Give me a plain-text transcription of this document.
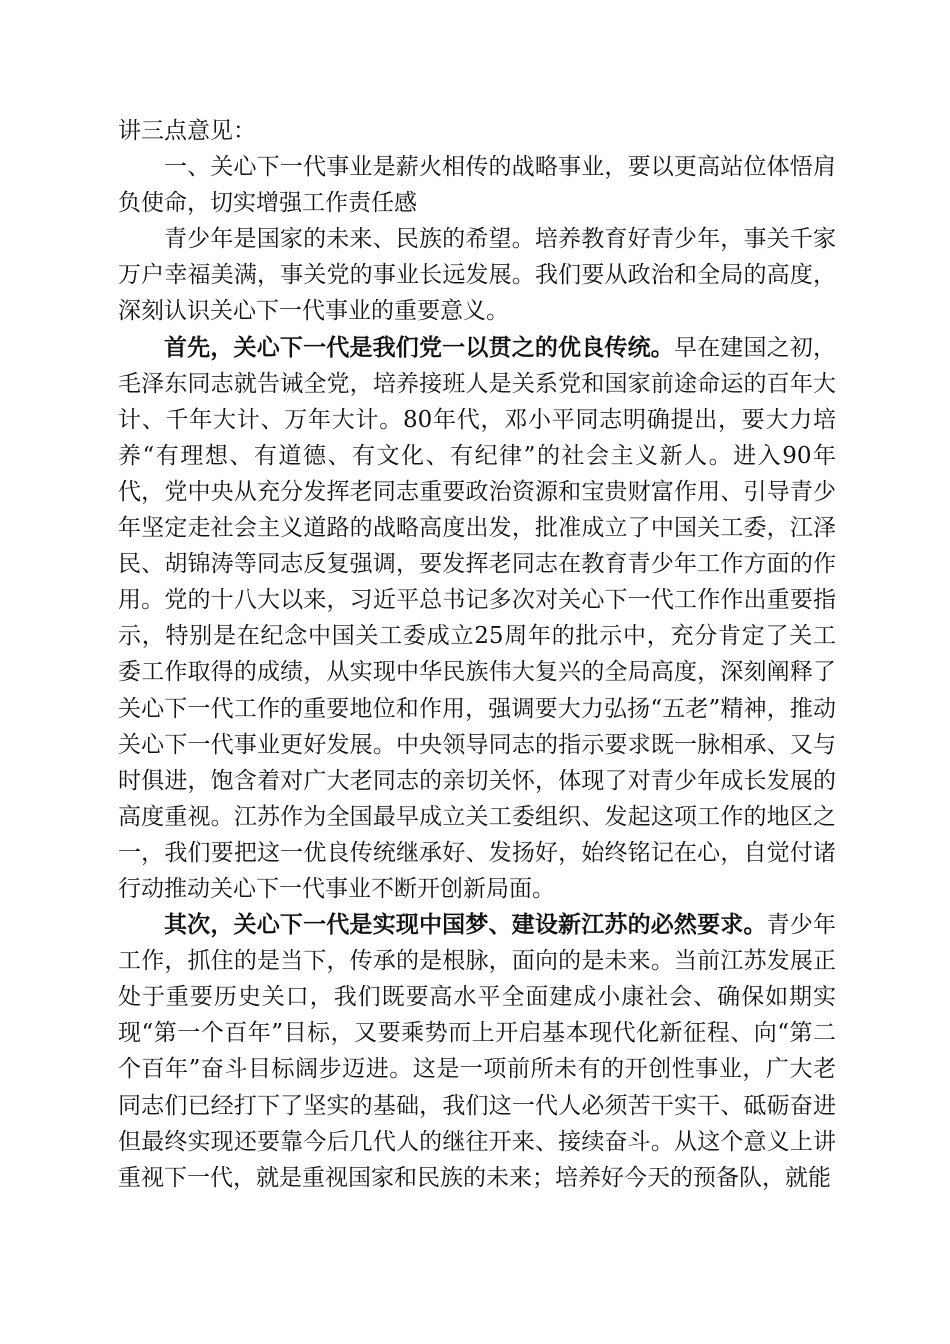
讲三点意见：

一、关心下一代事业是薪火相传的战略事业，要以更高站位体悟肩负使命，切实增强工作责任感

青少年是国家的未来、民族的希望。培养教育好青少年，事关千家万户幸福美满，事关党的事业长远发展。我们要从政治和全局的高度，深刻认识关心下一代事业的重要意义。

首先，关心下一代是我们党一以贯之的优良传统。早在建国之初，毛泽东同志就告诫全党，培养接班人是关系党和国家前途命运的百年大计、千年大计、万年大计。80年代，邓小平同志明确提出，要大力培养“有理想、有道德、有文化、有纪律”的社会主义新人。进入90年代，党中央从充分发挥老同志重要政治资源和宝贵财富作用、引导青少年坚定走社会主义道路的战略高度出发，批准成立了中国关工委，江泽民、胡锦涛等同志反复强调，要发挥老同志在教育青少年工作方面的作用。党的十八大以来，习近平总书记多次对关心下一代工作作出重要指示，特别是在纪念中国关工委成立25周年的批示中，充分肯定了关工委工作取得的成绩，从实现中华民族伟大复兴的全局高度，深刻阐释了关心下一代工作的重要地位和作用，强调要大力弘扬“五老”精神，推动关心下一代事业更好发展。中央领导同志的指示要求既一脉相承、又与时俱进，饱含着对广大老同志的亲切关怀，体现了对青少年成长发展的高度重视。江苏作为全国最早成立关工委组织、发起这项工作的地区之一，我们要把这一优良传统继承好、发扬好，始终铭记在心，自觉付诸行动推动关心下一代事业不断开创新局面。

其次，关心下一代是实现中国梦、建设新江苏的必然要求。青少年工作，抓住的是当下，传承的是根脉，面向的是未来。当前江苏发展正处于重要历史关口，我们既要高水平全面建成小康社会、确保如期实现“第一个百年”目标，又要乘势而上开启基本现代化新征程、向“第二个百年”奋斗目标阔步迈进。这是一项前所未有的开创性事业，广大老同志们已经打下了坚实的基础，我们这一代人必须苦干实干、砥砺奋进但最终实现还要靠今后几代人的继往开来、接续奋斗。从这个意义上讲重视下一代，就是重视国家和民族的未来；培养好今天的预备队，就能
